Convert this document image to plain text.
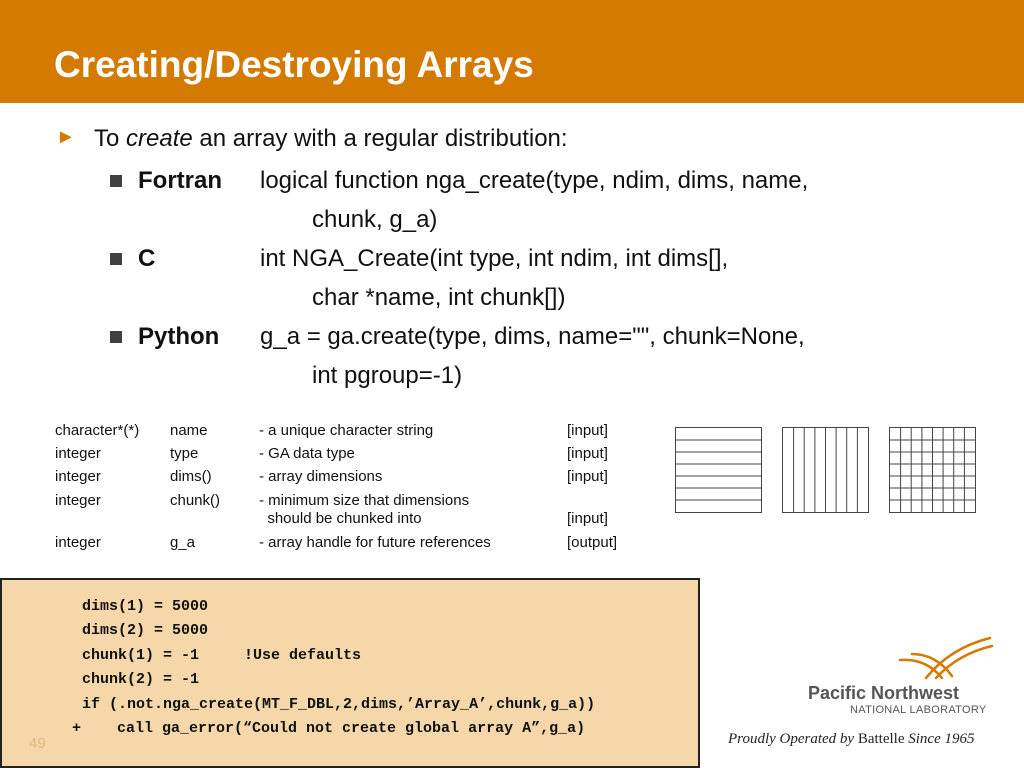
Creating/Destroying Arrays
► To create an array with a regular distribution:
Fortran logical function nga_create(type, ndim, dims, name,
chunk, g_a)
C	int NGA_Create(int type, int ndim, int dims[],
char *name, int chunk[])
Python g_a = ga.create(type, dims, name="", chunk=None,
int pgroup=-1)
character*(*) name	- a unique character string	[input]
integer	type	- GA data type	[input]
integer	dims()	- array dimensions	[input]
integer	chunk()	- minimum size that dimensions
should be chunked into	[input]
integer	g_a	- array handle for future references	[output]
dims(1) = 5000
dims(2) = 5000
chunk(1) = -1     !Use defaults
chunk(2) = -1
if (.not.nga_create(MT_F_DBL,2,dims,’Array_A’,chunk,g_a))
+    call ga_error(“Could not create global array A”,g_a)
49
Pacific Northwest
NATIONAL LABORATORY
Proudly Operated by Battelle Since 1965
